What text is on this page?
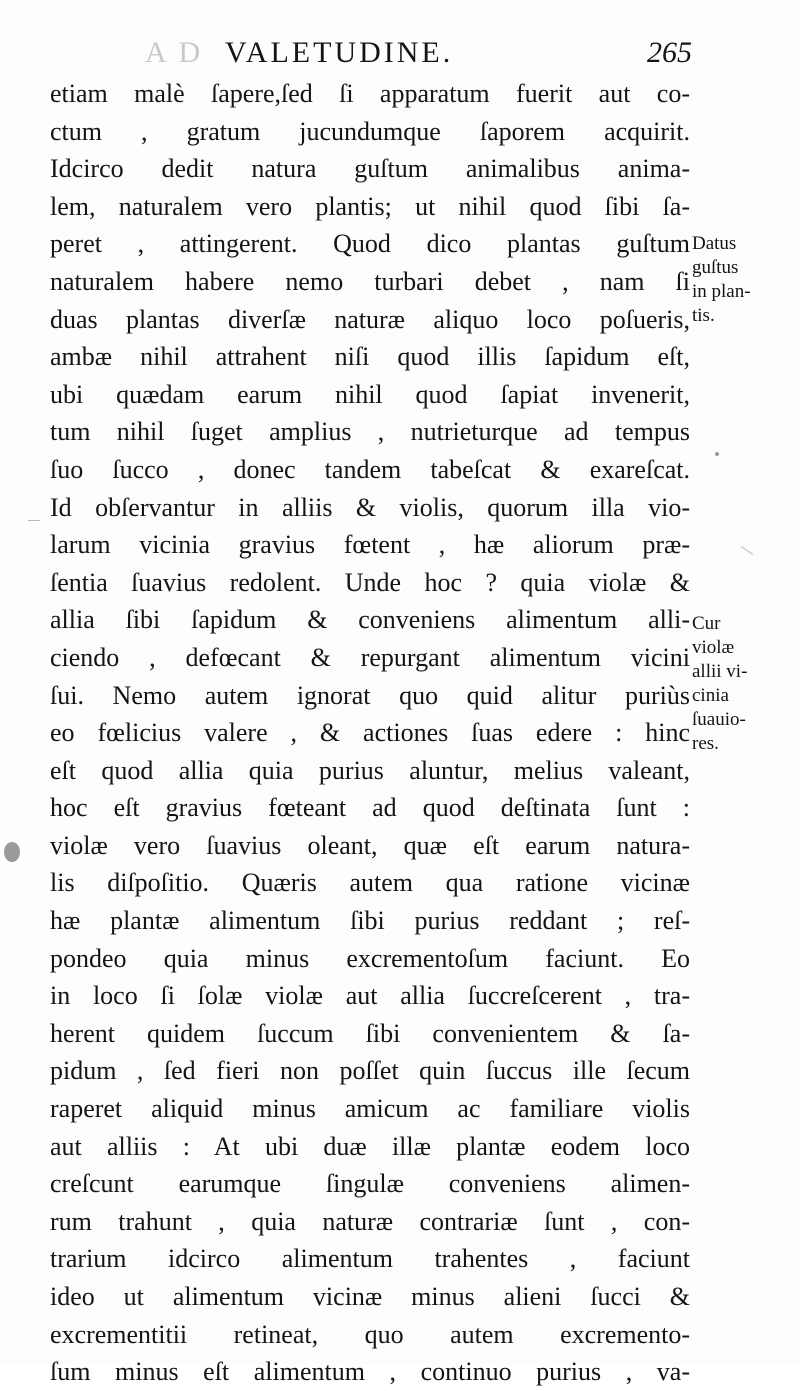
A D VALETUDINE.	265
etiam malè ſapere,ſed ſi apparatum fuerit aut co-
ctum , gratum jucundumque ſaporem acquirit.
Idcirco dedit natura guſtum animalibus anima-
lem, naturalem vero plantis; ut nihil quod ſibi ſa-
peret , attingerent. Quod dico plantas guſtum
naturalem habere nemo turbari debet , nam ſi
duas plantas diverſæ naturæ aliquo loco poſueris,
ambæ nihil attrahent niſi quod illis ſapidum eſt,
ubi quædam earum nihil quod ſapiat invenerit,
tum nihil ſuget amplius , nutrieturque ad tempus
ſuo ſucco , donec tandem tabeſcat & exareſcat.
Id obſervantur in alliis & violis, quorum illa vio-
larum vicinia gravius fœtent , hæ aliorum præ-
ſentia ſuavius redolent. Unde hoc ? quia violæ &
allia ſibi ſapidum & conveniens alimentum alli-
ciendo , defœcant & repurgant alimentum vicini
ſui. Nemo autem ignorat quo quid alitur puriùs
eo fœlicius valere , & actiones ſuas edere : hinc
eſt quod allia quia purius aluntur, melius valeant,
hoc eſt gravius fœteant ad quod deſtinata ſunt :
violæ vero ſuavius oleant, quæ eſt earum natura-
lis diſpoſitio. Quæris autem qua ratione vicinæ
hæ plantæ alimentum ſibi purius reddant ; reſ-
pondeo quia minus excrementoſum faciunt. Eo
in loco ſi ſolæ violæ aut allia ſuccreſcerent , tra-
herent quidem ſuccum ſibi convenientem & ſa-
pidum , ſed fieri non poſſet quin ſuccus ille ſecum
raperet aliquid minus amicum ac familiare violis
aut alliis : At ubi duæ illæ plantæ eodem loco
creſcunt earumque ſingulæ conveniens alimen-
rum trahunt , quia naturæ contrariæ ſunt , con-
trarium idcirco alimentum trahentes , faciunt
ideo ut alimentum vicinæ minus alieni ſucci &
excrementitii retineat, quo autem excremento-
ſum minus eſt alimentum , continuo purius , va-
Datus
guſtus
in plan-
tis.
Cur
violæ
allii vi-
cinia
ſuauio-
res.
